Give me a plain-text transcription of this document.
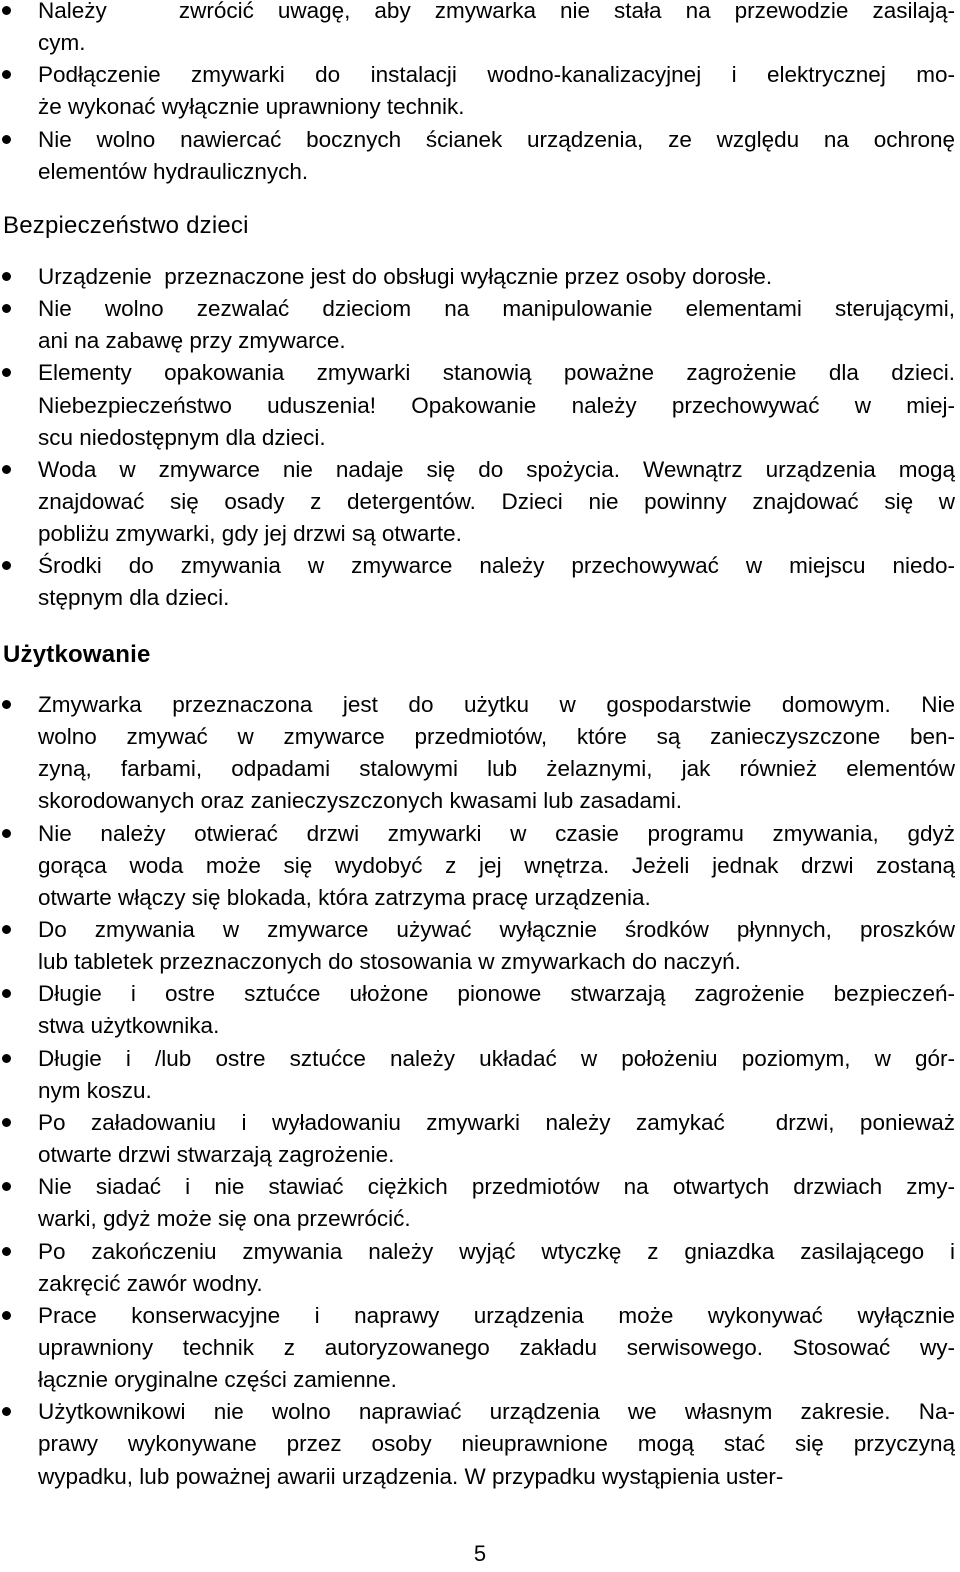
Należy   zwrócić uwagę, aby zmywarka nie stała na przewodzie zasilają-
cym.
Podłączenie zmywarki do instalacji wodno-kanalizacyjnej i elektrycznej mo-
że wykonać wyłącznie uprawniony technik.
Nie wolno nawiercać bocznych ścianek urządzenia, ze względu na ochronę
elementów hydraulicznych.
Bezpieczeństwo dzieci
Urządzenie  przeznaczone jest do obsługi wyłącznie przez osoby dorosłe.
Nie wolno zezwalać dzieciom na manipulowanie elementami sterującymi,
ani na zabawę przy zmywarce.
Elementy opakowania zmywarki stanowią poważne zagrożenie dla dzieci.
Niebezpieczeństwo uduszenia! Opakowanie należy przechowywać w miej-
scu niedostępnym dla dzieci.
Woda w zmywarce nie nadaje się do spożycia. Wewnątrz urządzenia mogą
znajdować się osady z detergentów. Dzieci nie powinny znajdować się w
pobliżu zmywarki, gdy jej drzwi są otwarte.
Środki do zmywania w zmywarce należy przechowywać w miejscu niedo-
stępnym dla dzieci.
Użytkowanie
Zmywarka przeznaczona jest do użytku w gospodarstwie domowym. Nie
wolno zmywać w zmywarce przedmiotów, które są zanieczyszczone ben-
zyną, farbami, odpadami stalowymi lub żelaznymi, jak również elementów
skorodowanych oraz zanieczyszczonych kwasami lub zasadami.
Nie należy otwierać drzwi zmywarki w czasie programu zmywania, gdyż
gorąca woda może się wydobyć z jej wnętrza. Jeżeli jednak drzwi zostaną
otwarte włączy się blokada, która zatrzyma pracę urządzenia.
Do zmywania w zmywarce używać wyłącznie środków płynnych, proszków
lub tabletek przeznaczonych do stosowania w zmywarkach do naczyń.
Długie i ostre sztućce ułożone pionowe stwarzają zagrożenie bezpieczeń-
stwa użytkownika.
Długie i /lub ostre sztućce należy układać w położeniu poziomym, w gór-
nym koszu.
Po załadowaniu i wyładowaniu zmywarki należy zamykać  drzwi, ponieważ
otwarte drzwi stwarzają zagrożenie.
Nie siadać i nie stawiać ciężkich przedmiotów na otwartych drzwiach zmy-
warki, gdyż może się ona przewrócić.
Po zakończeniu zmywania należy wyjąć wtyczkę z gniazdka zasilającego i
zakręcić zawór wodny.
Prace konserwacyjne i naprawy urządzenia może wykonywać wyłącznie
uprawniony technik z autoryzowanego zakładu serwisowego. Stosować wy-
łącznie oryginalne części zamienne.
Użytkownikowi nie wolno naprawiać urządzenia we własnym zakresie. Na-
prawy wykonywane przez osoby nieuprawnione mogą stać się przyczyną
wypadku, lub poważnej awarii urządzenia. W przypadku wystąpienia uster-
5
